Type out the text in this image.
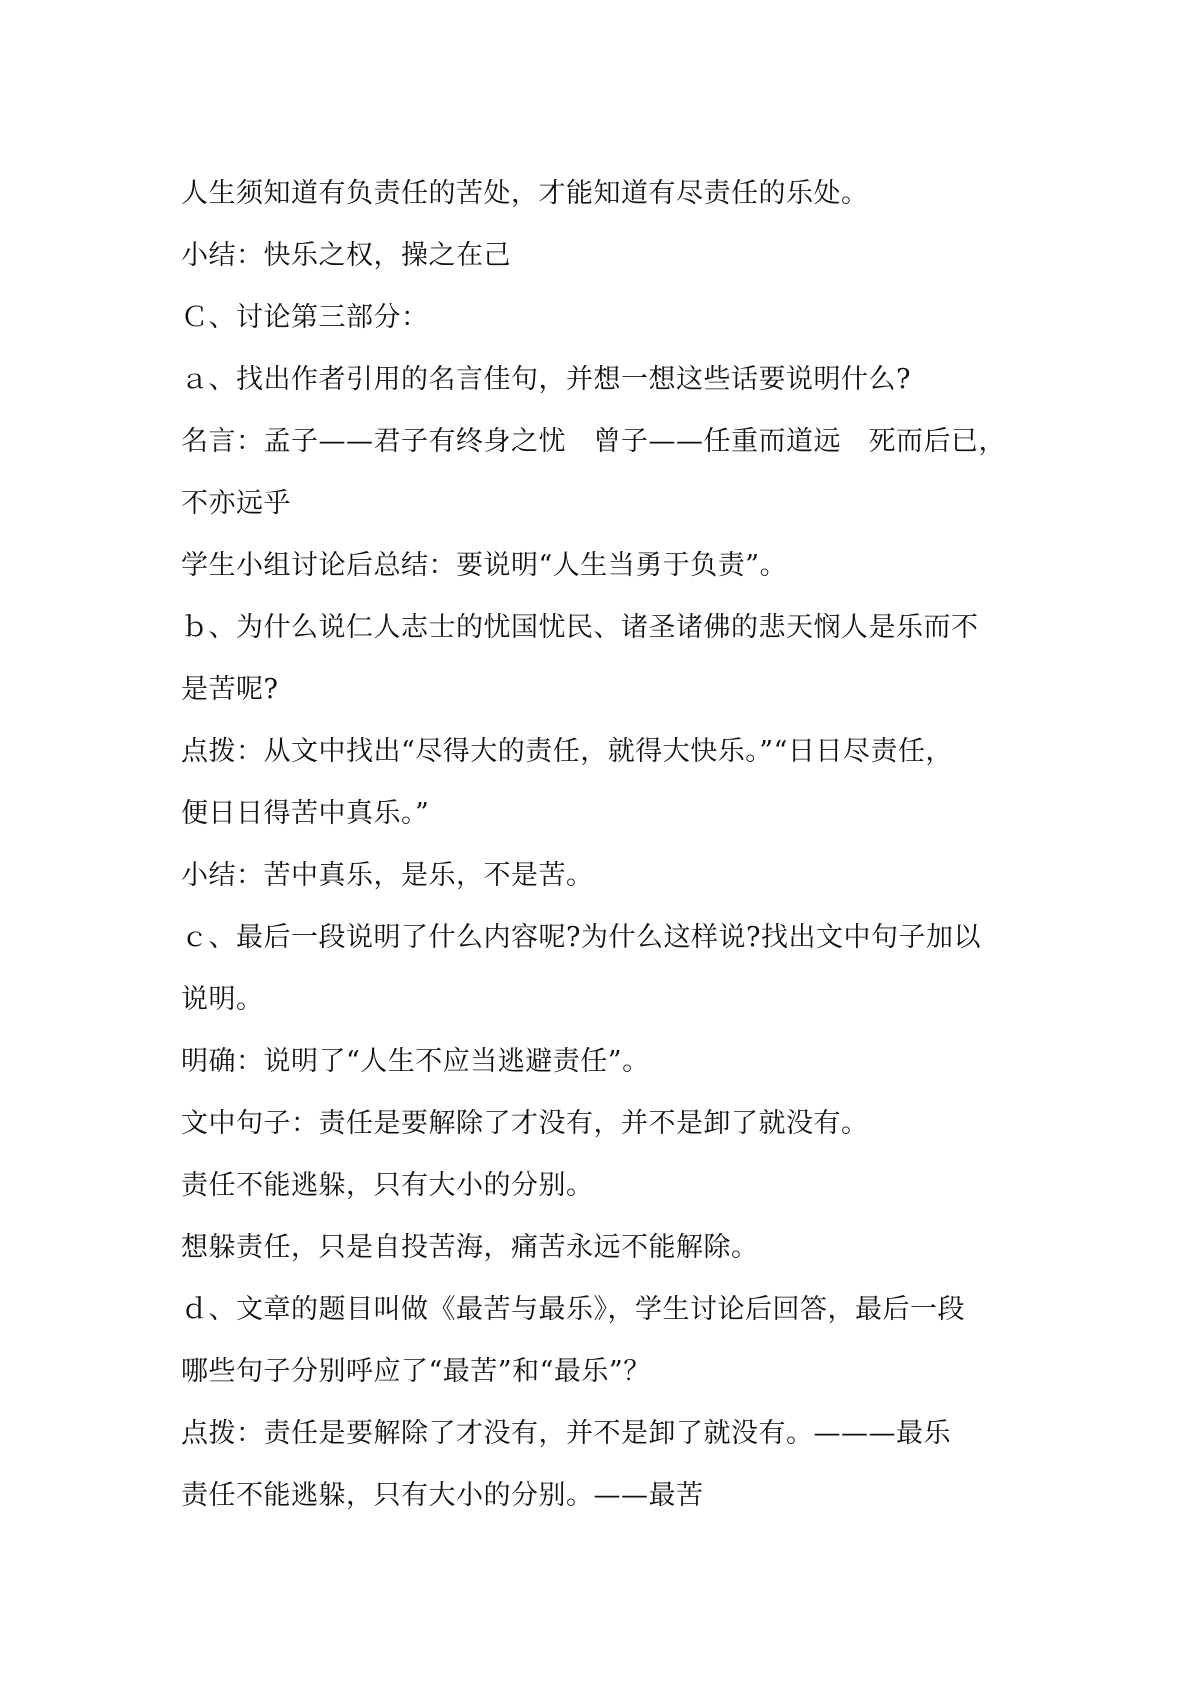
人生须知道有负责任的苦处，才能知道有尽责任的乐处。
小结：快乐之权，操之在己
Ｃ、讨论第三部分：
ａ、找出作者引用的名言佳句，并想一想这些话要说明什么?
名言：孟子——君子有终身之忧　曾子——任重而道远　死而后已，
不亦远乎
学生小组讨论后总结：要说明“人生当勇于负责”。
ｂ、为什么说仁人志士的忧国忧民、诸圣诸佛的悲天悯人是乐而不
是苦呢?
点拨：从文中找出“尽得大的责任，就得大快乐。”“日日尽责任，
便日日得苦中真乐。”
小结：苦中真乐，是乐，不是苦。
ｃ、最后一段说明了什么内容呢?为什么这样说?找出文中句子加以
说明。
明确：说明了“人生不应当逃避责任”。
文中句子：责任是要解除了才没有，并不是卸了就没有。
责任不能逃躲，只有大小的分别。
想躲责任，只是自投苦海，痛苦永远不能解除。
ｄ、文章的题目叫做《最苦与最乐》，学生讨论后回答，最后一段
哪些句子分别呼应了“最苦”和“最乐”？
点拨：责任是要解除了才没有，并不是卸了就没有。———最乐
责任不能逃躲，只有大小的分别。——最苦
